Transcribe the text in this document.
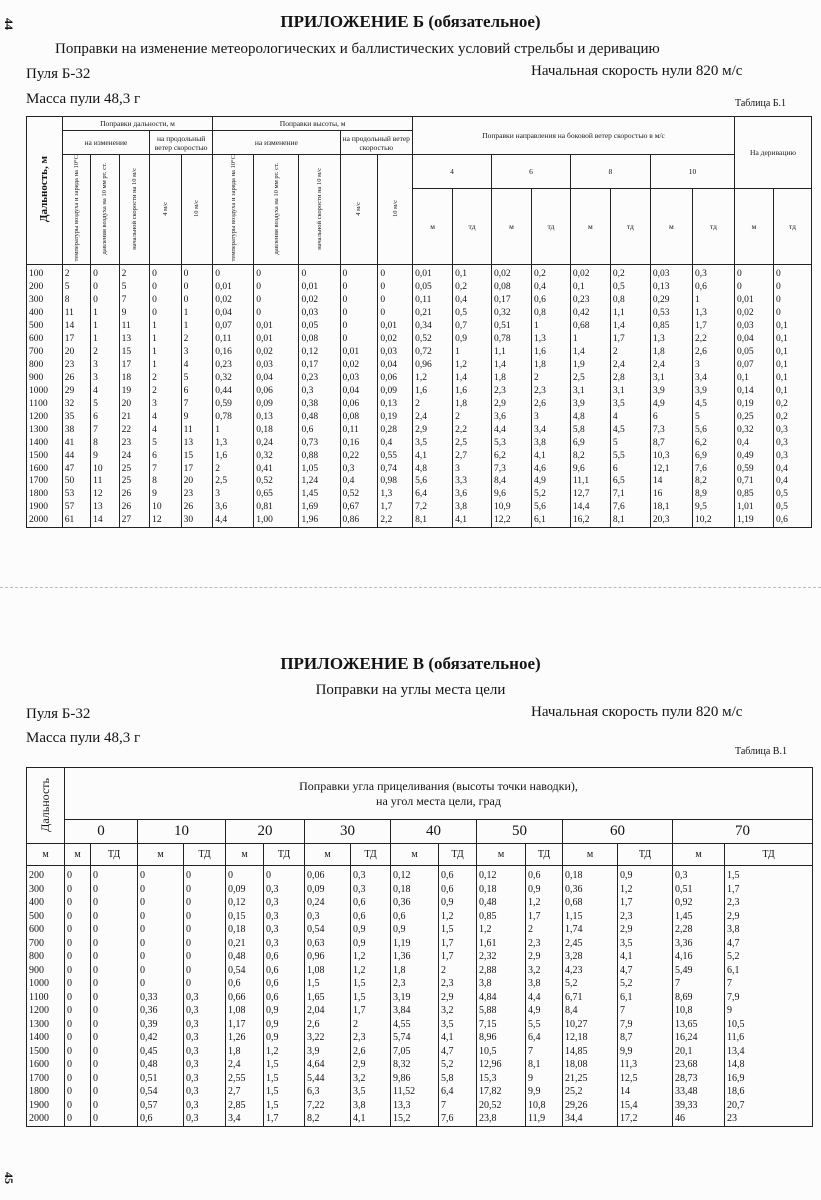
44
45
ПРИЛОЖЕНИЕ Б (обязательное)
Поправки на изменение метеорологических и баллистических условий стрельбы и деривацию
Пуля Б-32	Начальная скорость нули 820 м/с
Масса пули 48,3 г	Таблица Б.1
Дальность, м	Поправки дальности, м					Поправки высоты, м					Поправки направления на боковой ветер скоростью в м/с								На деривацию	
	на изменение			на продольный ветер скоростью		на изменение			на продольный ветер скоростью											
	температуры воздуха и заряда на 10°С	давления воздуха на 10 мм рт. ст.	начальной скорости на 10 м/с	4 м/с	10 м/с	температуры воздуха и заряда на 10°С	давления воздуха на 10 мм рт. ст.	начальной скорости на 10 м/с	4 м/с	10 м/с	4		6		8		10			
											м	тд	м	тд	м	тд	м	тд	м	тд
100	2	0	2	0	0	0	0	0	0	0	0,01	0,1	0,02	0,2	0,02	0,2	0,03	0,3	0	0
200	5	0	5	0	0	0,01	0	0,01	0	0	0,05	0,2	0,08	0,4	0,1	0,5	0,13	0,6	0	0
300	8	0	7	0	0	0,02	0	0,02	0	0	0,11	0,4	0,17	0,6	0,23	0,8	0,29	1	0,01	0
400	11	1	9	0	1	0,04	0	0,03	0	0	0,21	0,5	0,32	0,8	0,42	1,1	0,53	1,3	0,02	0
500	14	1	11	1	1	0,07	0,01	0,05	0	0,01	0,34	0,7	0,51	1	0,68	1,4	0,85	1,7	0,03	0,1
600	17	1	13	1	2	0,11	0,01	0,08	0	0,02	0,52	0,9	0,78	1,3	1	1,7	1,3	2,2	0,04	0,1
700	20	2	15	1	3	0,16	0,02	0,12	0,01	0,03	0,72	1	1,1	1,6	1,4	2	1,8	2,6	0,05	0,1
800	23	3	17	1	4	0,23	0,03	0,17	0,02	0,04	0,96	1,2	1,4	1,8	1,9	2,4	2,4	3	0,07	0,1
900	26	3	18	2	5	0,32	0,04	0,23	0,03	0,06	1,2	1,4	1,8	2	2,5	2,8	3,1	3,4	0,1	0,1
1000	29	4	19	2	6	0,44	0,06	0,3	0,04	0,09	1,6	1,6	2,3	2,3	3,1	3,1	3,9	3,9	0,14	0,1
1100	32	5	20	3	7	0,59	0,09	0,38	0,06	0,13	2	1,8	2,9	2,6	3,9	3,5	4,9	4,5	0,19	0,2
1200	35	6	21	4	9	0,78	0,13	0,48	0,08	0,19	2,4	2	3,6	3	4,8	4	6	5	0,25	0,2
1300	38	7	22	4	11	1	0,18	0,6	0,11	0,28	2,9	2,2	4,4	3,4	5,8	4,5	7,3	5,6	0,32	0,3
1400	41	8	23	5	13	1,3	0,24	0,73	0,16	0,4	3,5	2,5	5,3	3,8	6,9	5	8,7	6,2	0,4	0,3
1500	44	9	24	6	15	1,6	0,32	0,88	0,22	0,55	4,1	2,7	6,2	4,1	8,2	5,5	10,3	6,9	0,49	0,3
1600	47	10	25	7	17	2	0,41	1,05	0,3	0,74	4,8	3	7,3	4,6	9,6	6	12,1	7,6	0,59	0,4
1700	50	11	25	8	20	2,5	0,52	1,24	0,4	0,98	5,6	3,3	8,4	4,9	11,1	6,5	14	8,2	0,71	0,4
1800	53	12	26	9	23	3	0,65	1,45	0,52	1,3	6,4	3,6	9,6	5,2	12,7	7,1	16	8,9	0,85	0,5
1900	57	13	26	10	26	3,6	0,81	1,69	0,67	1,7	7,2	3,8	10,9	5,6	14,4	7,6	18,1	9,5	1,01	0,5
2000	61	14	27	12	30	4,4	1,00	1,96	0,86	2,2	8,1	4,1	12,2	6,1	16,2	8,1	20,3	10,2	1,19	0,6
ПРИЛОЖЕНИЕ В (обязательное)
Поправки на углы места цели
Пуля Б-32	Начальная скорость пули 820 м/с
Масса пули 48,3 г
Таблица В.1
Дальность	Поправки угла прицеливания (высоты точки наводки),
на угол места цели, град															

	0		10		20		30		40		50		60		70	
м	м	ТД	м	ТД	м	ТД	м	ТД	м	ТД	м	ТД	м	ТД	м	ТД
200	0	0	0	0	0	0	0,06	0,3	0,12	0,6	0,12	0,6	0,18	0,9	0,3	1,5
300	0	0	0	0	0,09	0,3	0,09	0,3	0,18	0,6	0,18	0,9	0,36	1,2	0,51	1,7
400	0	0	0	0	0,12	0,3	0,24	0,6	0,36	0,9	0,48	1,2	0,68	1,7	0,92	2,3
500	0	0	0	0	0,15	0,3	0,3	0,6	0,6	1,2	0,85	1,7	1,15	2,3	1,45	2,9
600	0	0	0	0	0,18	0,3	0,54	0,9	0,9	1,5	1,2	2	1,74	2,9	2,28	3,8
700	0	0	0	0	0,21	0,3	0,63	0,9	1,19	1,7	1,61	2,3	2,45	3,5	3,36	4,7
800	0	0	0	0	0,48	0,6	0,96	1,2	1,36	1,7	2,32	2,9	3,28	4,1	4,16	5,2
900	0	0	0	0	0,54	0,6	1,08	1,2	1,8	2	2,88	3,2	4,23	4,7	5,49	6,1
1000	0	0	0	0	0,6	0,6	1,5	1,5	2,3	2,3	3,8	3,8	5,2	5,2	7	7
1100	0	0	0,33	0,3	0,66	0,6	1,65	1,5	3,19	2,9	4,84	4,4	6,71	6,1	8,69	7,9
1200	0	0	0,36	0,3	1,08	0,9	2,04	1,7	3,84	3,2	5,88	4,9	8,4	7	10,8	9
1300	0	0	0,39	0,3	1,17	0,9	2,6	2	4,55	3,5	7,15	5,5	10,27	7,9	13,65	10,5
1400	0	0	0,42	0,3	1,26	0,9	3,22	2,3	5,74	4,1	8,96	6,4	12,18	8,7	16,24	11,6
1500	0	0	0,45	0,3	1,8	1,2	3,9	2,6	7,05	4,7	10,5	7	14,85	9,9	20,1	13,4
1600	0	0	0,48	0,3	2,4	1,5	4,64	2,9	8,32	5,2	12,96	8,1	18,08	11,3	23,68	14,8
1700	0	0	0,51	0,3	2,55	1,5	5,44	3,2	9,86	5,8	15,3	9	21,25	12,5	28,73	16,9
1800	0	0	0,54	0,3	2,7	1,5	6,3	3,5	11,52	6,4	17,82	9,9	25,2	14	33,48	18,6
1900	0	0	0,57	0,3	2,85	1,5	7,22	3,8	13,3	7	20,52	10,8	29,26	15,4	39,33	20,7
2000	0	0	0,6	0,3	3,4	1,7	8,2	4,1	15,2	7,6	23,8	11,9	34,4	17,2	46	23
